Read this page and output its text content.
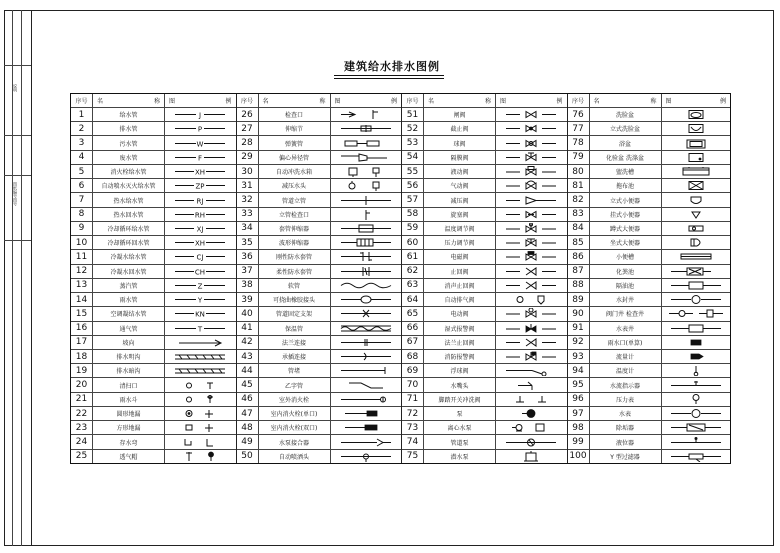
说明
图纸编号图号
建筑给水排水图例
序号	名	称 图	例
1	给水管	J
2	排水管	P
3	污水管	W
4	废水管	F
5	消火栓给水管	XH
6	自动喷水灭火给水管	ZP
7	热水给水管	RJ
8	热水回水管	RH
9	冷却循环给水管	XJ
10	冷却循环回水管	XH
11	冷凝水给水管	CJ
12	冷凝水回水管	CH
13	蒸汽管	Z
14	雨水管	Y
15	空调凝结水管	KN
16	通气管	T
17	坡向
18	排水明沟
19	排水暗沟
20	清扫口
21	雨水斗
22	圆形地漏
23	方形地漏
24	存水弯
25	透气帽
序号	名	称 图	例
26	检查口
27	伸缩节
28	弹簧管
29	偏心异径管
30	自动冲洗水箱
31	减压水头
32	管道立管
33	立管检查口
34	套管伸缩器
35	波形伸缩器
36	刚性防水套管
37	柔性防水套管
38	软管
39	可挠曲橡胶接头
40	管道固定支架
41	保温管
42	法兰连接
43	承插连接
44	管堵
45	乙字管
46	室外消火栓
47	室内消火栓(单口)
48	室内消火栓(双口)
49	水泵接合器
50	自动喷洒头
序号	名	称 图	例
51	闸阀
52	截止阀
53	球阀
54	隔膜阀
55	液动阀
56	气动阀
57	减压阀
58	旋塞阀
59	温度调节阀
60	压力调节阀
61	电磁阀
62	止回阀
63	消声止回阀
64	自动排气阀
65	电动阀
66	湿式报警阀
67	法兰止回阀
68	消防报警阀
69	浮球阀
70	水嘴头
71	脚踏开关冲洗阀
72	泵
73	离心水泵
74	管道泵
75	潜水泵
序号	名	称 图	例
76	洗脸盆
77	立式洗脸盆
78	浴盆
79	化验盆 洗涤盆
80	盥洗槽
81	拖布池
82	立式小便器
83	挂式小便器
84	蹲式大便器
85	坐式大便器
86	小便槽
87	化粪池
88	隔油池
89	水封井
90	阀门井 检查井
91	水表井
92	雨水口(单算)
93	流量计
94	温度计
95	水流指示器
96	压力表
97	水表
98	除垢器
99	液位器
100	Y 型过滤器
